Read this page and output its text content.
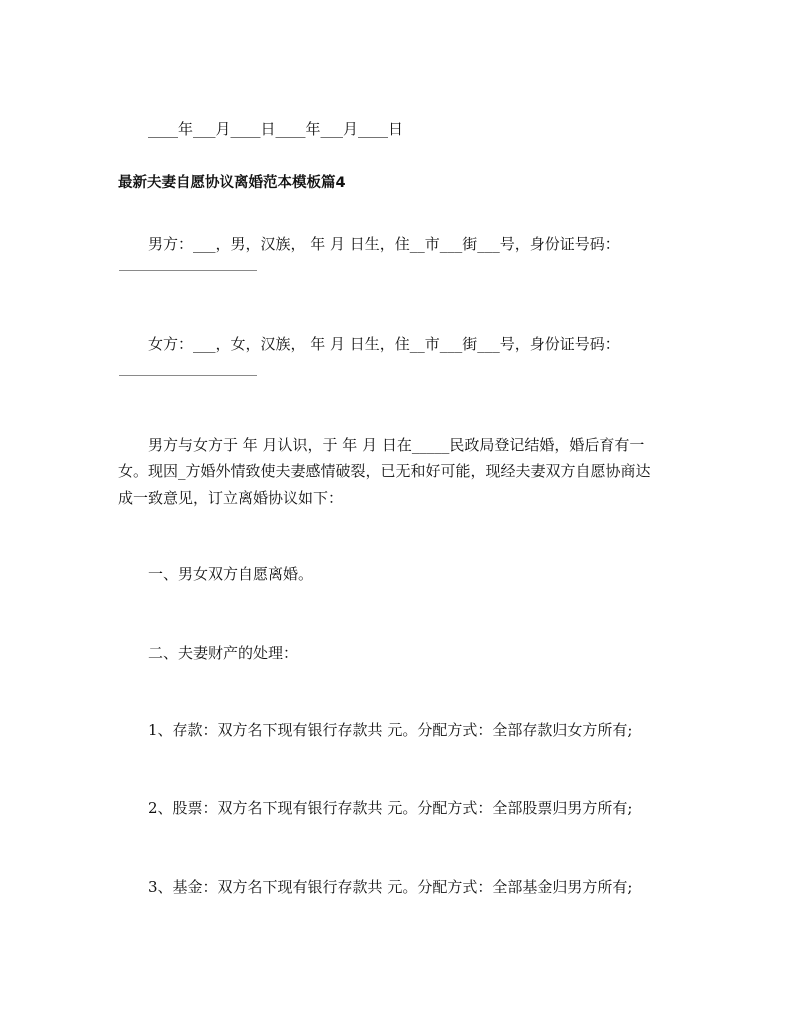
____年___月____日____年___月____日
最新夫妻自愿协议离婚范本模板篇4
男方：___，男，汉族， 年 月 日生，住__市___街___号，身份证号码：
女方：___，女，汉族， 年 月 日生，住__市___街___号，身份证号码：
男方与女方于 年 月认识，于 年 月 日在_____民政局登记结婚，婚后育有一
女。现因_方婚外情致使夫妻感情破裂，已无和好可能，现经夫妻双方自愿协商达
成一致意见，订立离婚协议如下：
一、男女双方自愿离婚。
二、夫妻财产的处理：
1、存款：双方名下现有银行存款共 元。分配方式：全部存款归女方所有;
2、股票：双方名下现有银行存款共 元。分配方式：全部股票归男方所有;
3、基金：双方名下现有银行存款共 元。分配方式：全部基金归男方所有;
